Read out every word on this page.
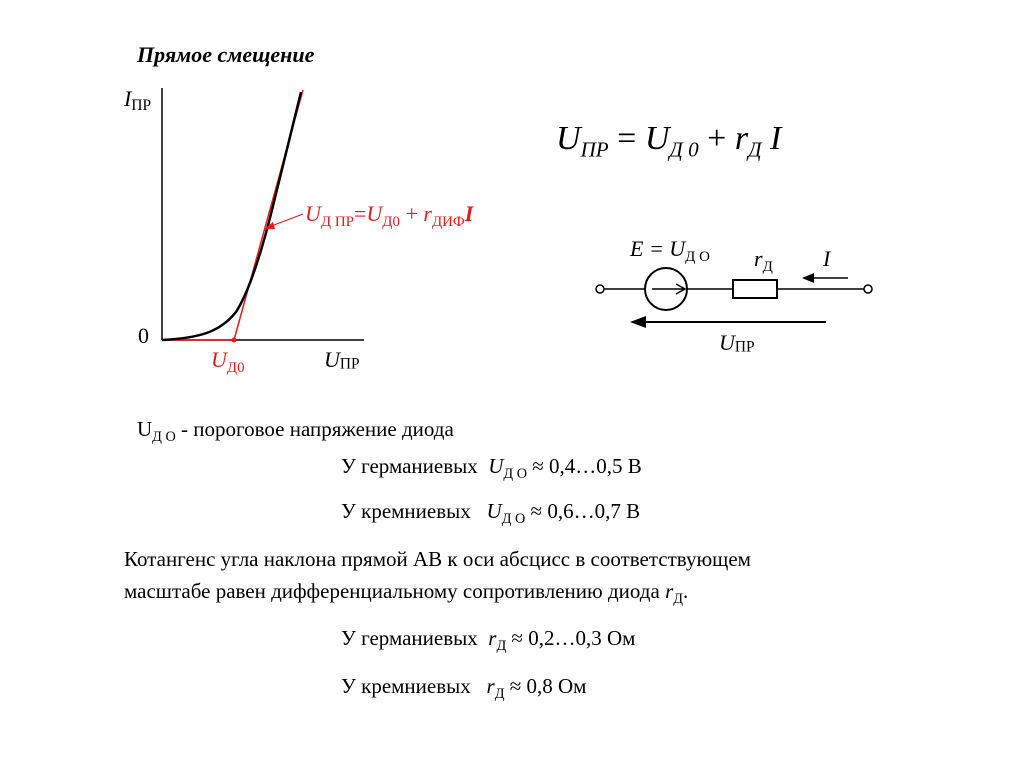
Прямое смещение
$I_{ПР}$
0
$U_{Д0}$	UПР
$U_{Д ПР}=U_{Д0} + r_{ДИФ}I$
$U_{ПР} = U_{Д 0} + r_Д$ I
$E = U_{Д О}$ $r_Д$ I
UПР
$U_{Д О}$ - пороговое напряжение диода
У германиевых  $U_{Д О}$ ≈ 0,4…0,5 В
У кремниевых   $U_{Д О}$ ≈ 0,6…0,7 В
Котангенс угла наклона прямой АВ к оси абсцисс в соответствующем
масштабе равен дифференциальному сопротивлению диода $r_Д$.
У германиевых  $r_Д$ ≈ 0,2…0,3 Ом
У кремниевых   $r_Д \approx 0,8$ Ом
